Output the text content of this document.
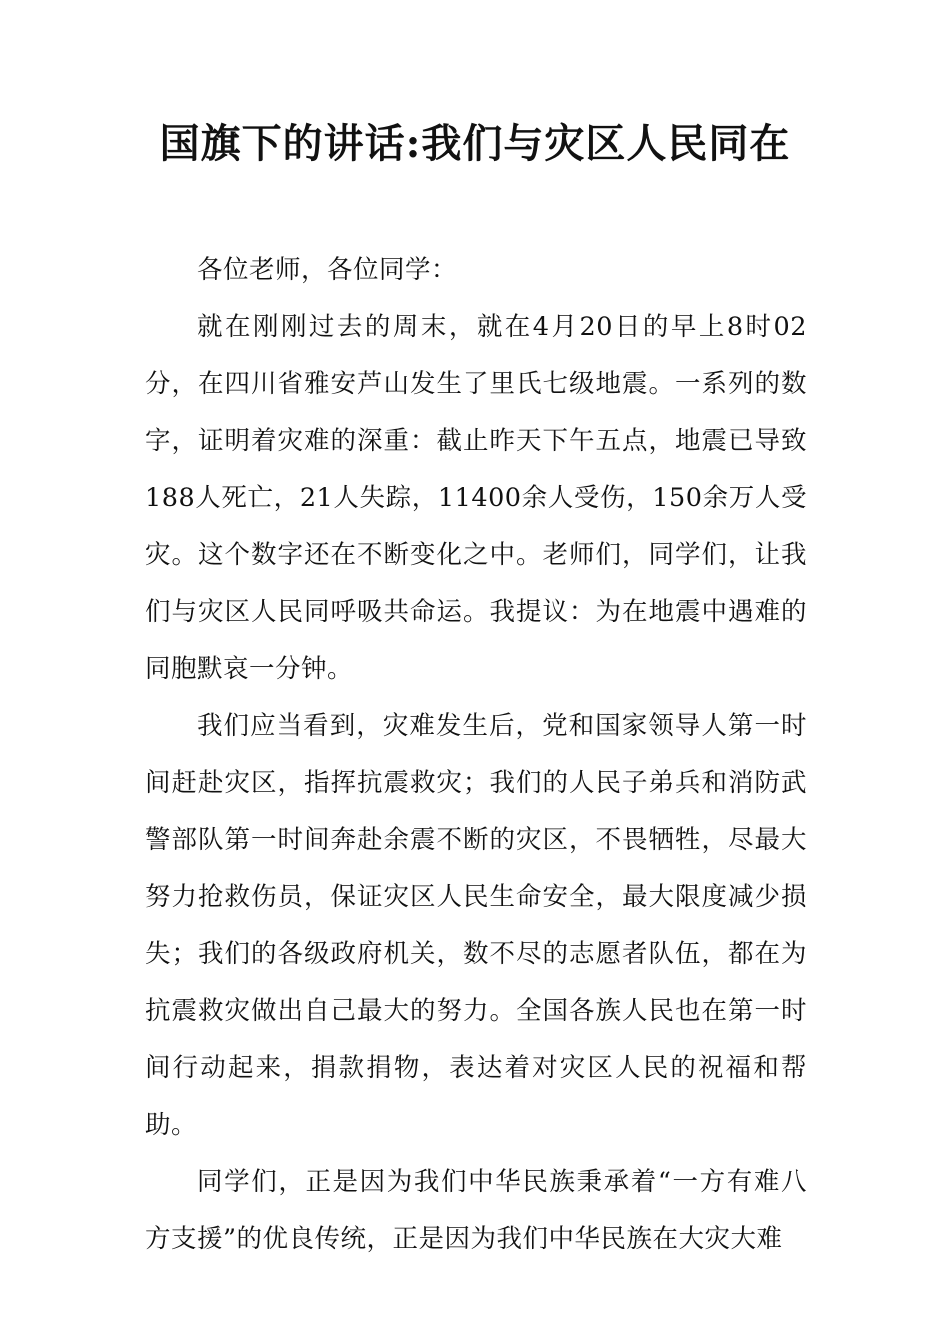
国旗下的讲话:我们与灾区人民同在

各位老师，各位同学：

就在刚刚过去的周末，就在4月20日的早上8时02分，在四川省雅安芦山发生了里氏七级地震。一系列的数字，证明着灾难的深重：截止昨天下午五点，地震已导致188人死亡，21人失踪，11400余人受伤，150余万人受灾。这个数字还在不断变化之中。老师们，同学们，让我们与灾区人民同呼吸共命运。我提议：为在地震中遇难的同胞默哀一分钟。

我们应当看到，灾难发生后，党和国家领导人第一时间赶赴灾区，指挥抗震救灾；我们的人民子弟兵和消防武警部队第一时间奔赴余震不断的灾区，不畏牺牲，尽最大努力抢救伤员，保证灾区人民生命安全，最大限度减少损失；我们的各级政府机关，数不尽的志愿者队伍，都在为抗震救灾做出自己最大的努力。全国各族人民也在第一时间行动起来，捐款捐物，表达着对灾区人民的祝福和帮助。

同学们，正是因为我们中华民族秉承着“一方有难八方支援”的优良传统，正是因为我们中华民族在大灾大难
